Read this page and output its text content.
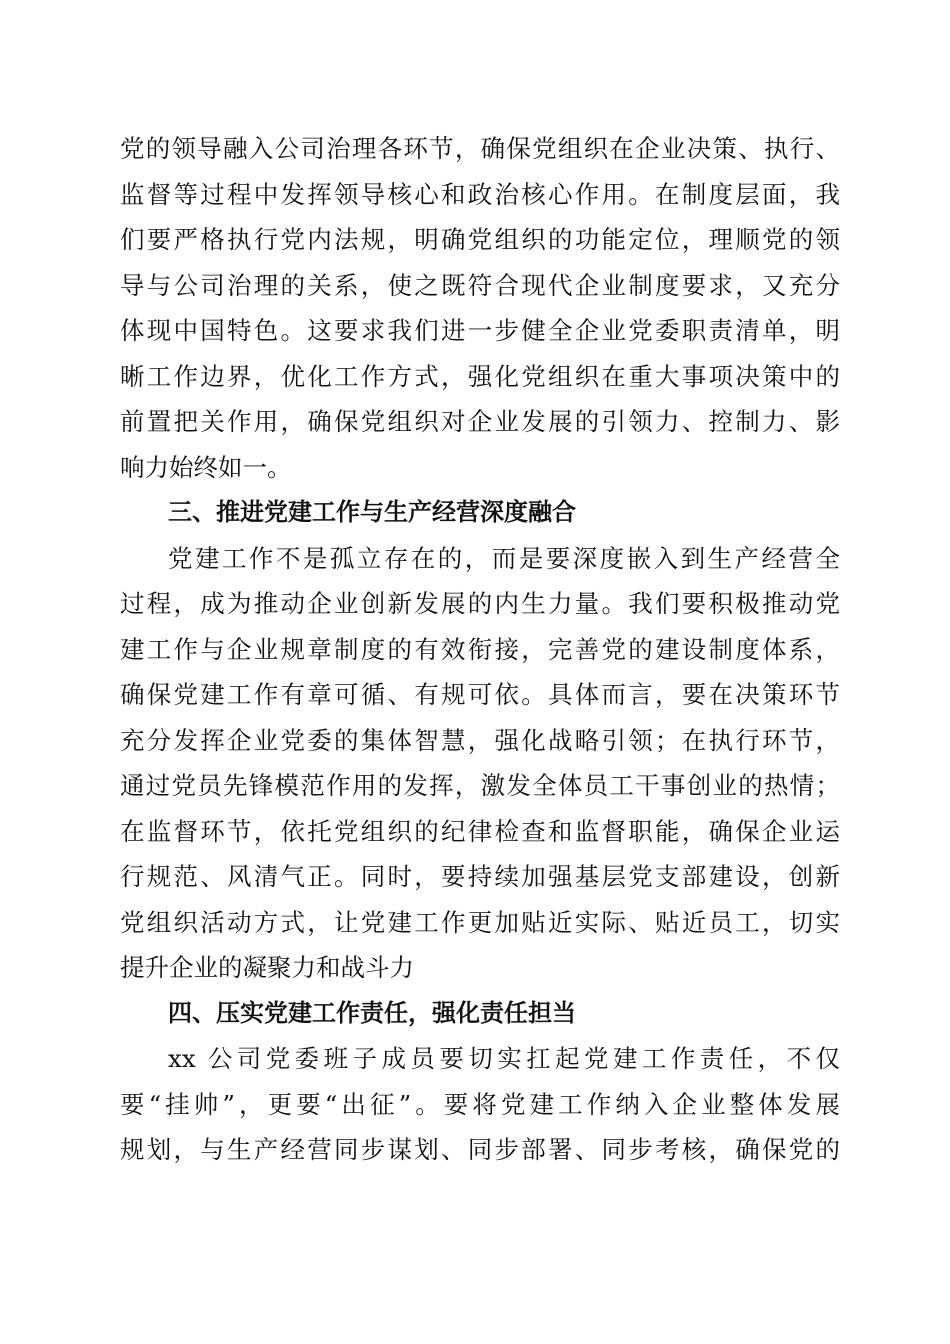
党的领导融入公司治理各环节，确保党组织在企业决策、执行、
监督等过程中发挥领导核心和政治核心作用。在制度层面，我
们要严格执行党内法规，明确党组织的功能定位，理顺党的领
导与公司治理的关系，使之既符合现代企业制度要求，又充分
体现中国特色。这要求我们进一步健全企业党委职责清单，明
晰工作边界，优化工作方式，强化党组织在重大事项决策中的
前置把关作用，确保党组织对企业发展的引领力、控制力、影
响力始终如一。
三、推进党建工作与生产经营深度融合
党建工作不是孤立存在的，而是要深度嵌入到生产经营全
过程，成为推动企业创新发展的内生力量。我们要积极推动党
建工作与企业规章制度的有效衔接，完善党的建设制度体系，
确保党建工作有章可循、有规可依。具体而言，要在决策环节
充分发挥企业党委的集体智慧，强化战略引领；在执行环节，
通过党员先锋模范作用的发挥，激发全体员工干事创业的热情；
在监督环节，依托党组织的纪律检查和监督职能，确保企业运
行规范、风清气正。同时，要持续加强基层党支部建设，创新
党组织活动方式，让党建工作更加贴近实际、贴近员工，切实
提升企业的凝聚力和战斗力
四、压实党建工作责任，强化责任担当
xx 公司党委班子成员要切实扛起党建工作责任，不仅
要“挂帅”，更要“出征”。要将党建工作纳入企业整体发展
规划，与生产经营同步谋划、同步部署、同步考核，确保党的
